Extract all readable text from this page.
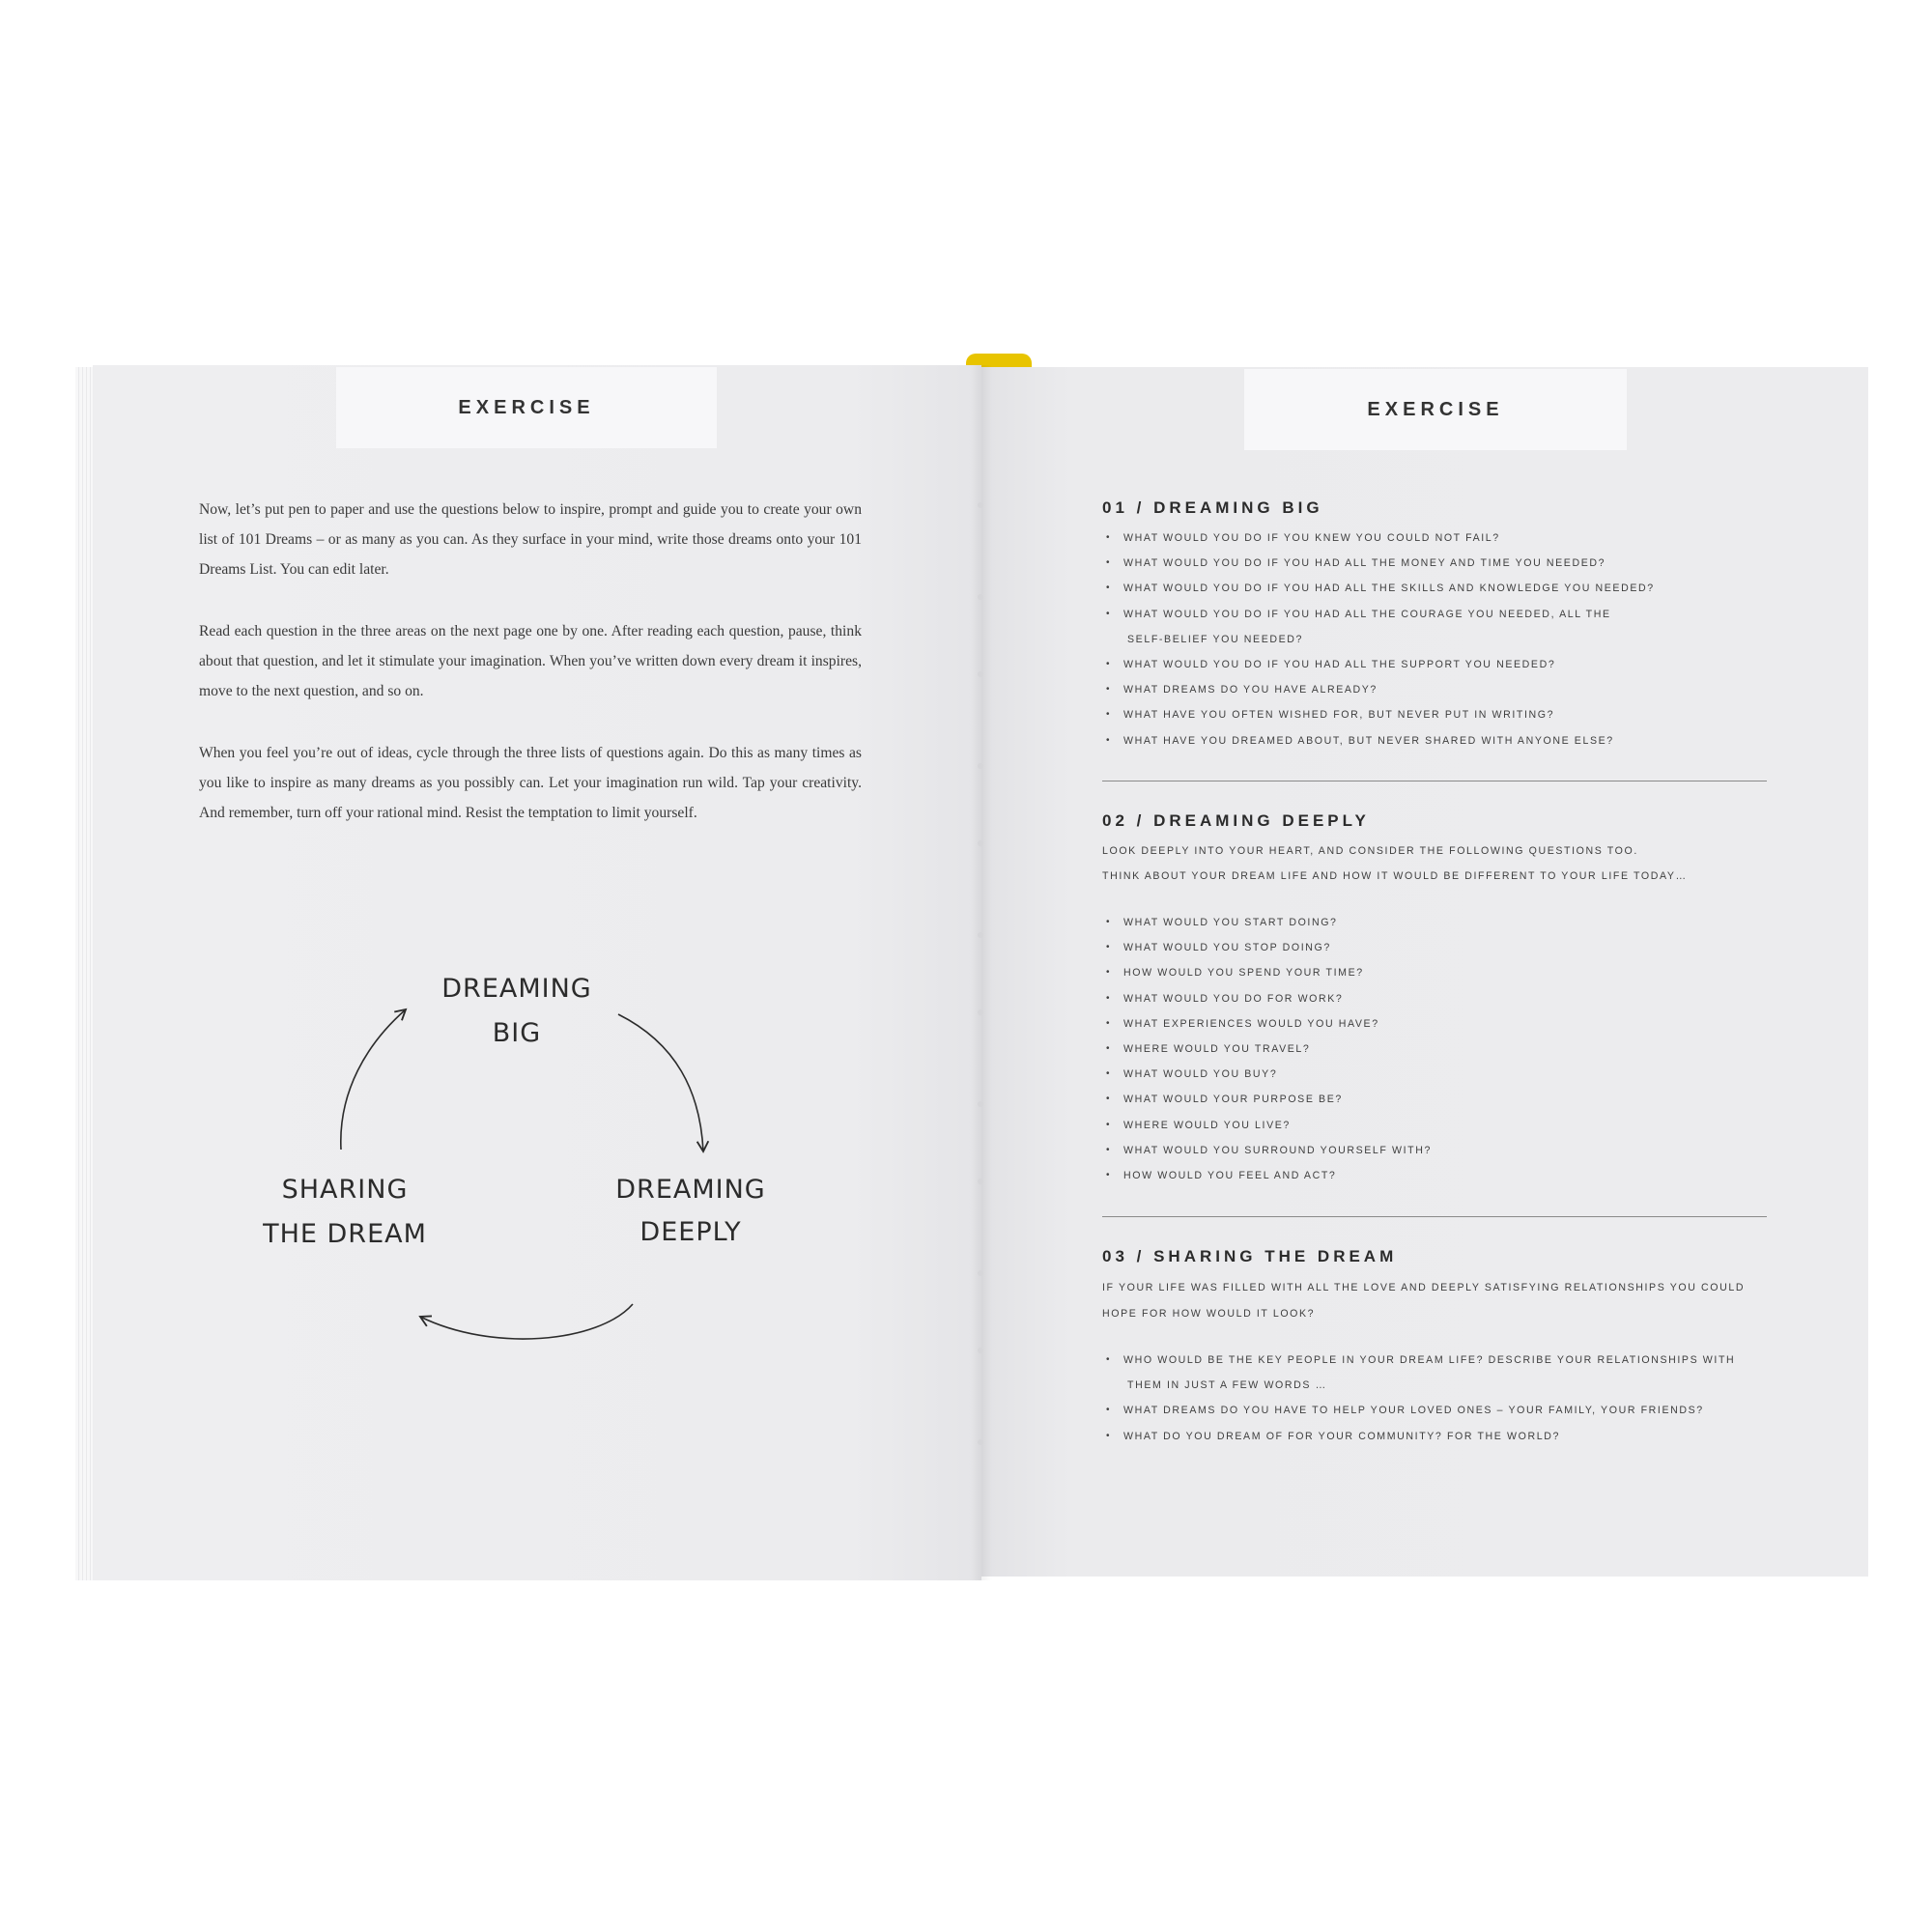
EXERCISE

Now, let’s put pen to paper and use the questions below to inspire, prompt and guide you to create your own list of 101 Dreams – or as many as you can. As they surface in your mind, write those dreams onto your 101 Dreams List. You can edit later.

Read each question in the three areas on the next page one by one. After reading each question, pause, think about that question, and let it stimulate your imagination. When you’ve written down every dream it inspires, move to the next question, and so on.

When you feel you’re out of ideas, cycle through the three lists of questions again. Do this as many times as you like to inspire as many dreams as you possibly can. Let your imagination run wild. Tap your creativity. And remember, turn off your rational mind. Resist the temptation to limit yourself.

DREAMING
BIG
DREAMING
DEEPLY
SHARING
THE DREAM
EXERCISE
01 / DREAMING BIG
• WHAT WOULD YOU DO IF YOU KNEW YOU COULD NOT FAIL?
• WHAT WOULD YOU DO IF YOU HAD ALL THE MONEY AND TIME YOU NEEDED?
• WHAT WOULD YOU DO IF YOU HAD ALL THE SKILLS AND KNOWLEDGE YOU NEEDED?
• WHAT WOULD YOU DO IF YOU HAD ALL THE COURAGE YOU NEEDED, ALL THE
SELF-BELIEF YOU NEEDED?
• WHAT WOULD YOU DO IF YOU HAD ALL THE SUPPORT YOU NEEDED?
• WHAT DREAMS DO YOU HAVE ALREADY?
• WHAT HAVE YOU OFTEN WISHED FOR, BUT NEVER PUT IN WRITING?
• WHAT HAVE YOU DREAMED ABOUT, BUT NEVER SHARED WITH ANYONE ELSE?
02 / DREAMING DEEPLY

LOOK DEEPLY INTO YOUR HEART, AND CONSIDER THE FOLLOWING QUESTIONS TOO.

THINK ABOUT YOUR DREAM LIFE AND HOW IT WOULD BE DIFFERENT TO YOUR LIFE TODAY…

• WHAT WOULD YOU START DOING?
• WHAT WOULD YOU STOP DOING?
• HOW WOULD YOU SPEND YOUR TIME?
• WHAT WOULD YOU DO FOR WORK?
• WHAT EXPERIENCES WOULD YOU HAVE?
• WHERE WOULD YOU TRAVEL?
• WHAT WOULD YOU BUY?
• WHAT WOULD YOUR PURPOSE BE?
• WHERE WOULD YOU LIVE?
• WHAT WOULD YOU SURROUND YOURSELF WITH?
• HOW WOULD YOU FEEL AND ACT?
03 / SHARING THE DREAM

IF YOUR LIFE WAS FILLED WITH ALL THE LOVE AND DEEPLY SATISFYING RELATIONSHIPS YOU COULD

HOPE FOR HOW WOULD IT LOOK?

• WHO WOULD BE THE KEY PEOPLE IN YOUR DREAM LIFE? DESCRIBE YOUR RELATIONSHIPS WITH
THEM IN JUST A FEW WORDS …
• WHAT DREAMS DO YOU HAVE TO HELP YOUR LOVED ONES – YOUR FAMILY, YOUR FRIENDS?
• WHAT DO YOU DREAM OF FOR YOUR COMMUNITY? FOR THE WORLD?
